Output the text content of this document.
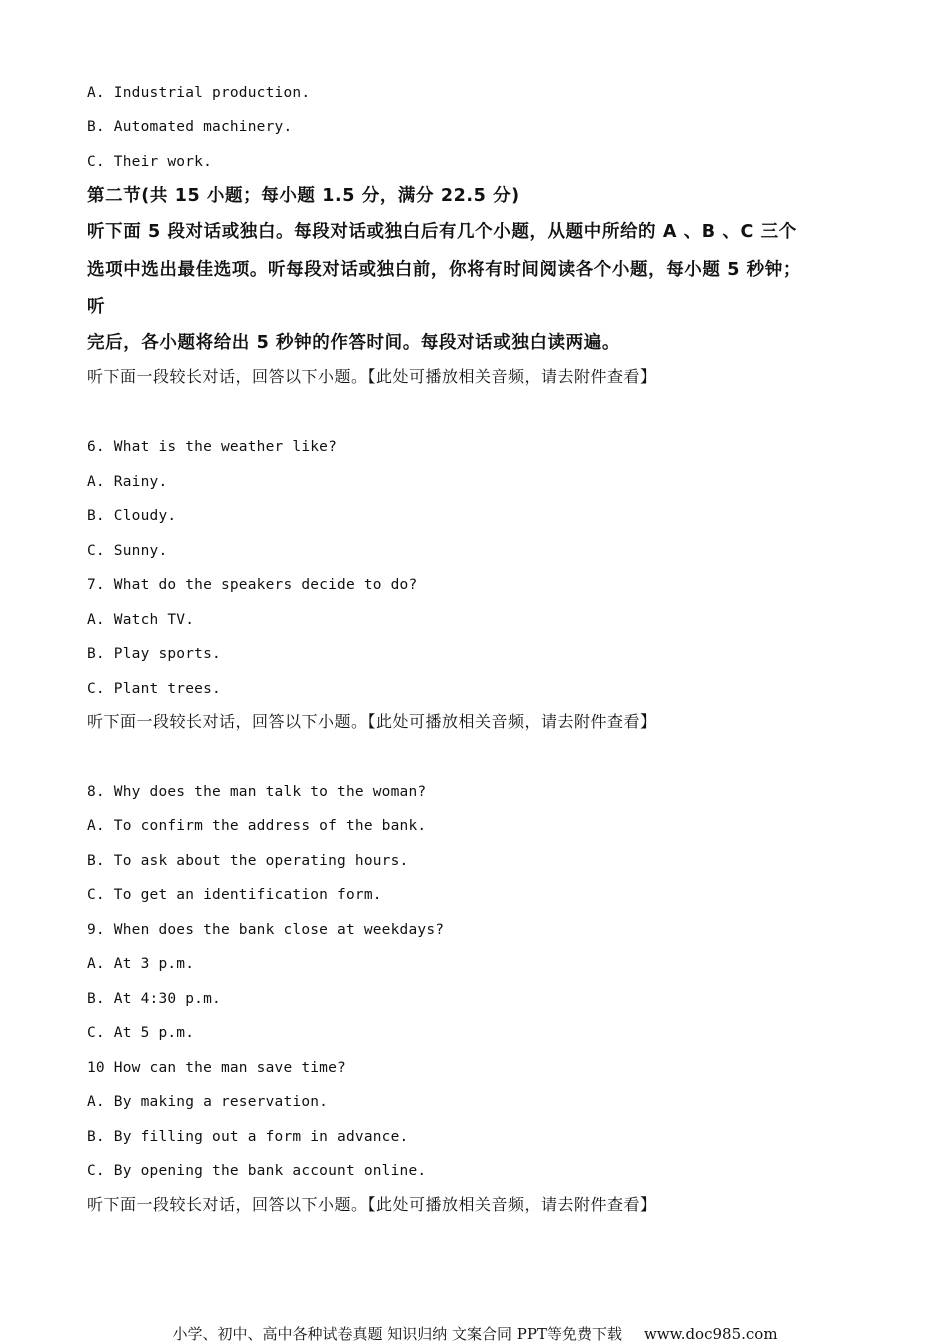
A. Industrial production.
B. Automated machinery.
C. Their work.
第二节(共 15 小题；每小题 1.5 分，满分 22.5 分)
听下面 5 段对话或独白。每段对话或独白后有几个小题，从题中所给的 A 、B 、C 三个
选项中选出最佳选项。听每段对话或独白前，你将有时间阅读各个小题，每小题 5 秒钟；
听
完后，各小题将给出 5 秒钟的作答时间。每段对话或独白读两遍。
听下面一段较长对话，回答以下小题。【此处可播放相关音频，请去附件查看】
6. What is the weather like?
A. Rainy.
B. Cloudy.
C. Sunny.
7. What do the speakers decide to do?
A. Watch TV.
B. Play sports.
C. Plant trees.
听下面一段较长对话，回答以下小题。【此处可播放相关音频，请去附件查看】
8. Why does the man talk to the woman?
A. To confirm the address of the bank.
B. To ask about the operating hours.
C. To get an identification form.
9. When does the bank close at weekdays?
A. At 3 p.m.
B. At 4:30 p.m.
C. At 5 p.m.
10 How can the man save time?
A. By making a reservation.
B. By filling out a form in advance.
C. By opening the bank account online.
听下面一段较长对话，回答以下小题。【此处可播放相关音频，请去附件查看】
小学、初中、高中各种试卷真题 知识归纳 文案合同 PPT等免费下载 www.doc985.com
